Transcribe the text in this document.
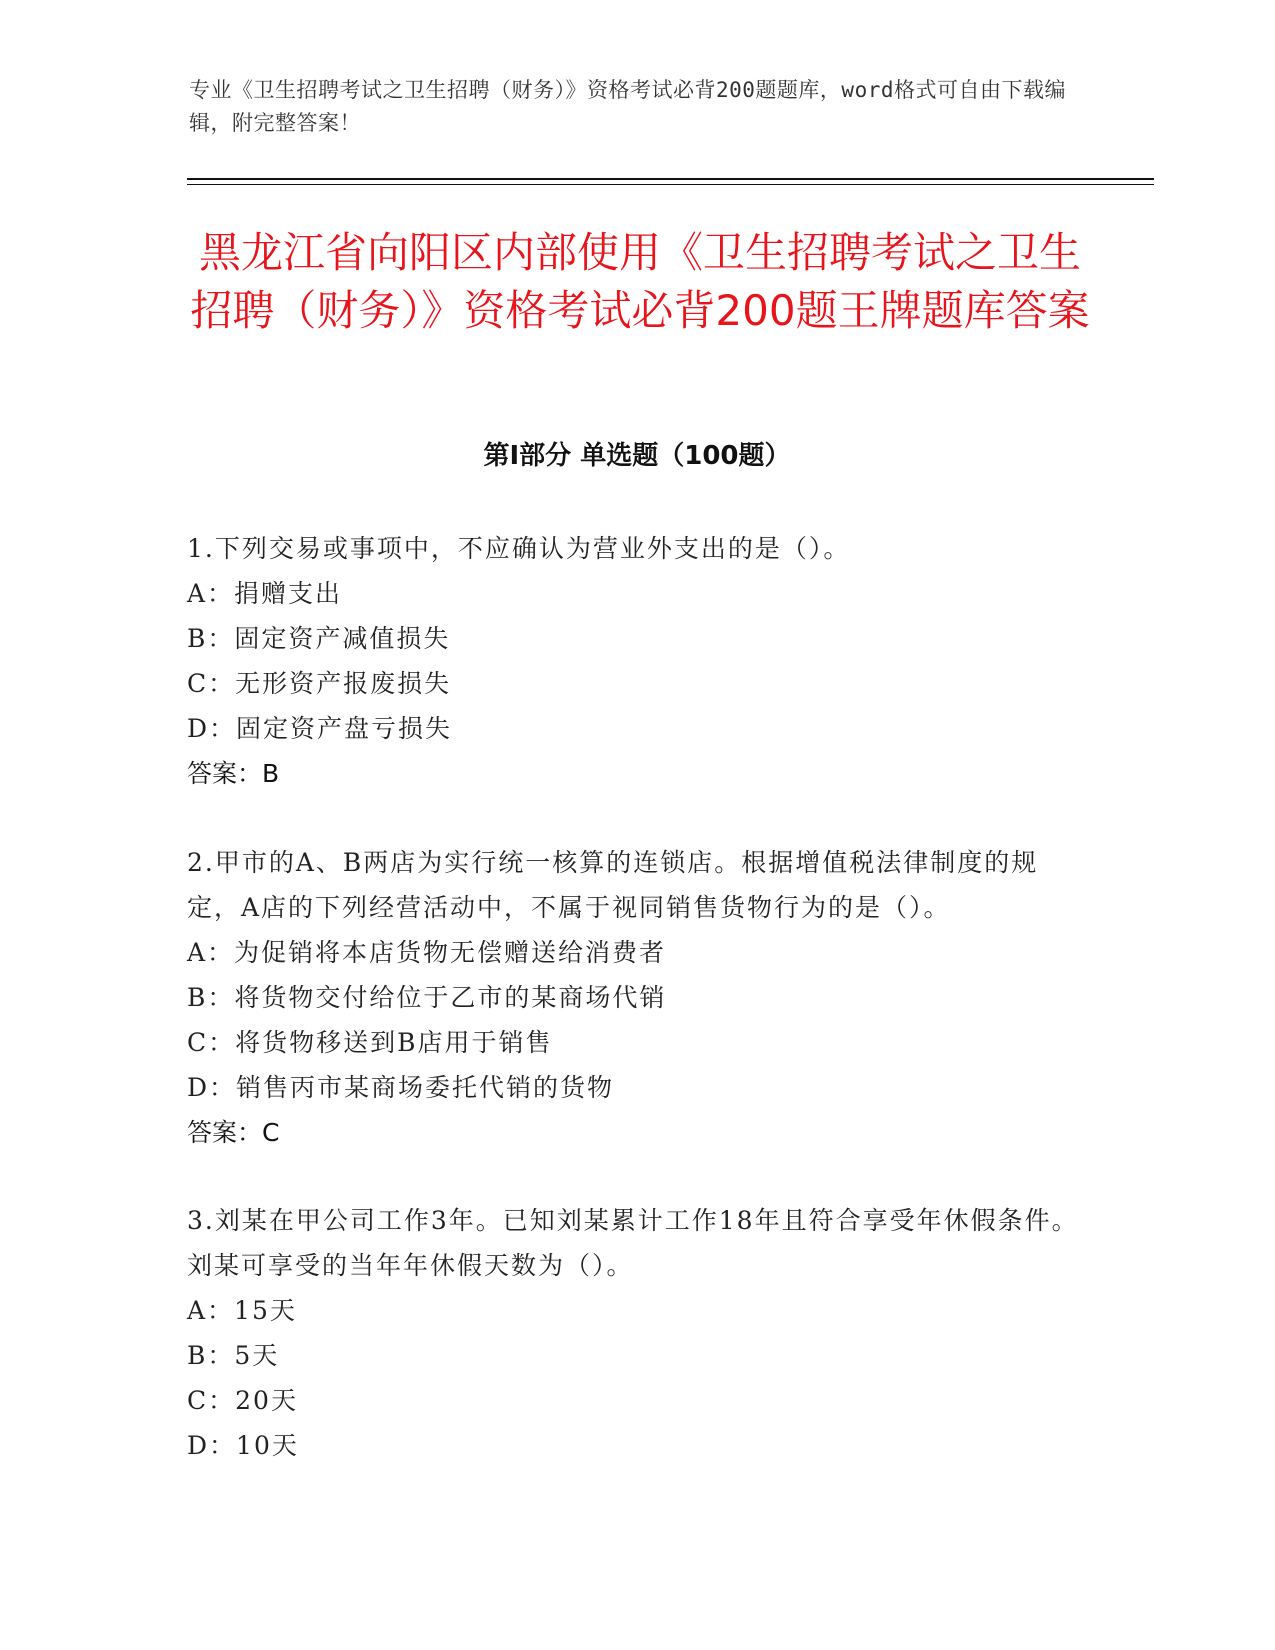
专业《卫生招聘考试之卫生招聘（财务）》资格考试必背200题题库，word格式可自由下载编辑，附完整答案！
黑龙江省向阳区内部使用《卫生招聘考试之卫生招聘（财务）》资格考试必背200题王牌题库答案
第Ⅰ部分 单选题（100题）

1.下列交易或事项中，不应确认为营业外支出的是（）。

A：捐赠支出

B：固定资产减值损失

C：无形资产报废损失

D：固定资产盘亏损失

答案：B

2.甲市的A、B两店为实行统一核算的连锁店。根据增值税法律制度的规定，A店的下列经营活动中，不属于视同销售货物行为的是（）。

A：为促销将本店货物无偿赠送给消费者

B：将货物交付给位于乙市的某商场代销

C：将货物移送到B店用于销售

D：销售丙市某商场委托代销的货物

答案：C

3.刘某在甲公司工作3年。已知刘某累计工作18年且符合享受年休假条件。刘某可享受的当年年休假天数为（）。

A：15天

B：5天

C：20天

D：10天
